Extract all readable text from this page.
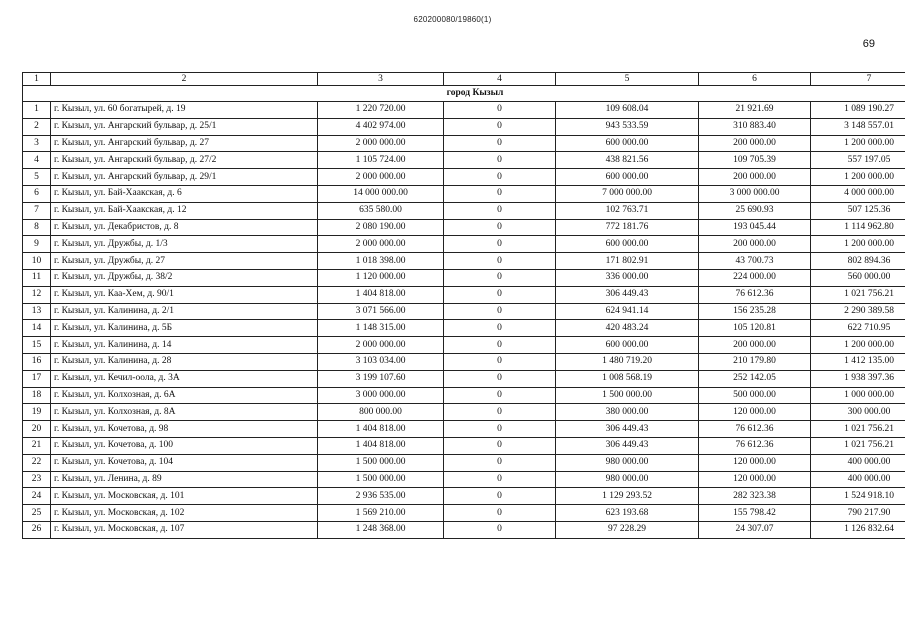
620200080/19860(1)
69
1	2	3	4	5	6	7
город Кызыл						
1	г. Кызыл, ул. 60 богатырей, д. 19	1 220 720.00	0	109 608.04	21 921.69	1 089 190.27
2	г. Кызыл, ул. Ангарский бульвар, д. 25/1	4 402 974.00	0	943 533.59	310 883.40	3 148 557.01
3	г. Кызыл, ул. Ангарский бульвар, д. 27	2 000 000.00	0	600 000.00	200 000.00	1 200 000.00
4	г. Кызыл, ул. Ангарский бульвар, д. 27/2	1 105 724.00	0	438 821.56	109 705.39	557 197.05
5	г. Кызыл, ул. Ангарский бульвар, д. 29/1	2 000 000.00	0	600 000.00	200 000.00	1 200 000.00
6	г. Кызыл, ул. Бай-Хаакская, д. 6	14 000 000.00	0	7 000 000.00	3 000 000.00	4 000 000.00
7	г. Кызыл, ул. Бай-Хаакская, д. 12	635 580.00	0	102 763.71	25 690.93	507 125.36
8	г. Кызыл, ул. Декабристов, д. 8	2 080 190.00	0	772 181.76	193 045.44	1 114 962.80
9	г. Кызыл, ул. Дружбы, д. 1/3	2 000 000.00	0	600 000.00	200 000.00	1 200 000.00
10	г. Кызыл, ул. Дружбы, д. 27	1 018 398.00	0	171 802.91	43 700.73	802 894.36
11	г. Кызыл, ул. Дружбы, д. 38/2	1 120 000.00	0	336 000.00	224 000.00	560 000.00
12	г. Кызыл, ул. Каа-Хем, д. 90/1	1 404 818.00	0	306 449.43	76 612.36	1 021 756.21
13	г. Кызыл, ул. Калинина, д. 2/1	3 071 566.00	0	624 941.14	156 235.28	2 290 389.58
14	г. Кызыл, ул. Калинина, д. 5Б	1 148 315.00	0	420 483.24	105 120.81	622 710.95
15	г. Кызыл, ул. Калинина, д. 14	2 000 000.00	0	600 000.00	200 000.00	1 200 000.00
16	г. Кызыл, ул. Калинина, д. 28	3 103 034.00	0	1 480 719.20	210 179.80	1 412 135.00
17	г. Кызыл, ул. Кечил-оола, д. 3А	3 199 107.60	0	1 008 568.19	252 142.05	1 938 397.36
18	г. Кызыл, ул. Колхозная, д. 6А	3 000 000.00	0	1 500 000.00	500 000.00	1 000 000.00
19	г. Кызыл, ул. Колхозная, д. 8А	800 000.00	0	380 000.00	120 000.00	300 000.00
20	г. Кызыл, ул. Кочетова, д. 98	1 404 818.00	0	306 449.43	76 612.36	1 021 756.21
21	г. Кызыл, ул. Кочетова, д. 100	1 404 818.00	0	306 449.43	76 612.36	1 021 756.21
22	г. Кызыл, ул. Кочетова, д. 104	1 500 000.00	0	980 000.00	120 000.00	400 000.00
23	г. Кызыл, ул. Ленина, д. 89	1 500 000.00	0	980 000.00	120 000.00	400 000.00
24	г. Кызыл, ул. Московская, д. 101	2 936 535.00	0	1 129 293.52	282 323.38	1 524 918.10
25	г. Кызыл, ул. Московская, д. 102	1 569 210.00	0	623 193.68	155 798.42	790 217.90
26	г. Кызыл, ул. Московская, д. 107	1 248 368.00	0	97 228.29	24 307.07	1 126 832.64
